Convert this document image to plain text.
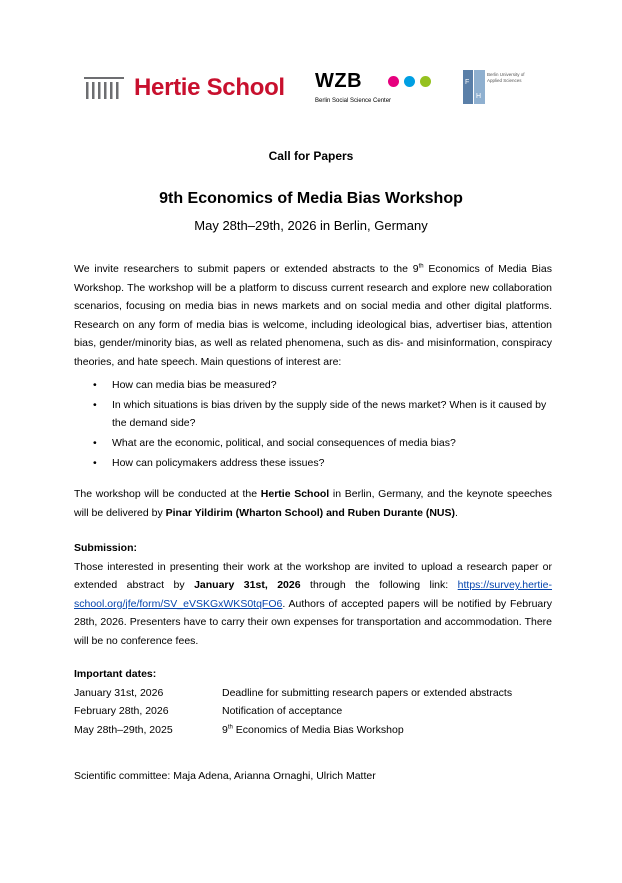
Hertie School WZB
Berlin Social Science Center
F
H
Berlin University of Applied Sciences
Call for Papers
9th Economics of Media Bias Workshop
May 28th–29th, 2026 in Berlin, Germany

We invite researchers to submit papers or extended abstracts to the 9th Economics of Media Bias Workshop. The workshop will be a platform to discuss current research and explore new collaboration scenarios, focusing on media bias in news markets and on social media and other digital platforms. Research on any form of media bias is welcome, including ideological bias, advertiser bias, attention bias, gender/minority bias, as well as related phenomena, such as dis- and misinformation, conspiracy theories, and hate speech. Main questions of interest are:

• How can media bias be measured?
• In which situations is bias driven by the supply side of the news market? When is it caused by the demand side?
• What are the economic, political, and social consequences of media bias?
• How can policymakers address these issues?

The workshop will be conducted at the Hertie School in Berlin, Germany, and the keynote speeches will be delivered by Pinar Yildirim (Wharton School) and Ruben Durante (NUS).

Submission:

Those interested in presenting their work at the workshop are invited to upload a research paper or extended abstract by January 31st, 2026 through the following link: https://survey.hertie-school.org/jfe/form/SV_eVSKGxWKS0tqFO6. Authors of accepted papers will be notified by February 28th, 2026. Presenters have to carry their own expenses for transportation and accommodation. There will be no conference fees.

Important dates:
January 31st, 2026	Deadline for submitting research papers or extended abstracts
February 28th, 2026	Notification of acceptance
May 28th–29th, 2025	9th Economics of Media Bias Workshop

Scientific committee: Maja Adena, Arianna Ornaghi, Ulrich Matter
